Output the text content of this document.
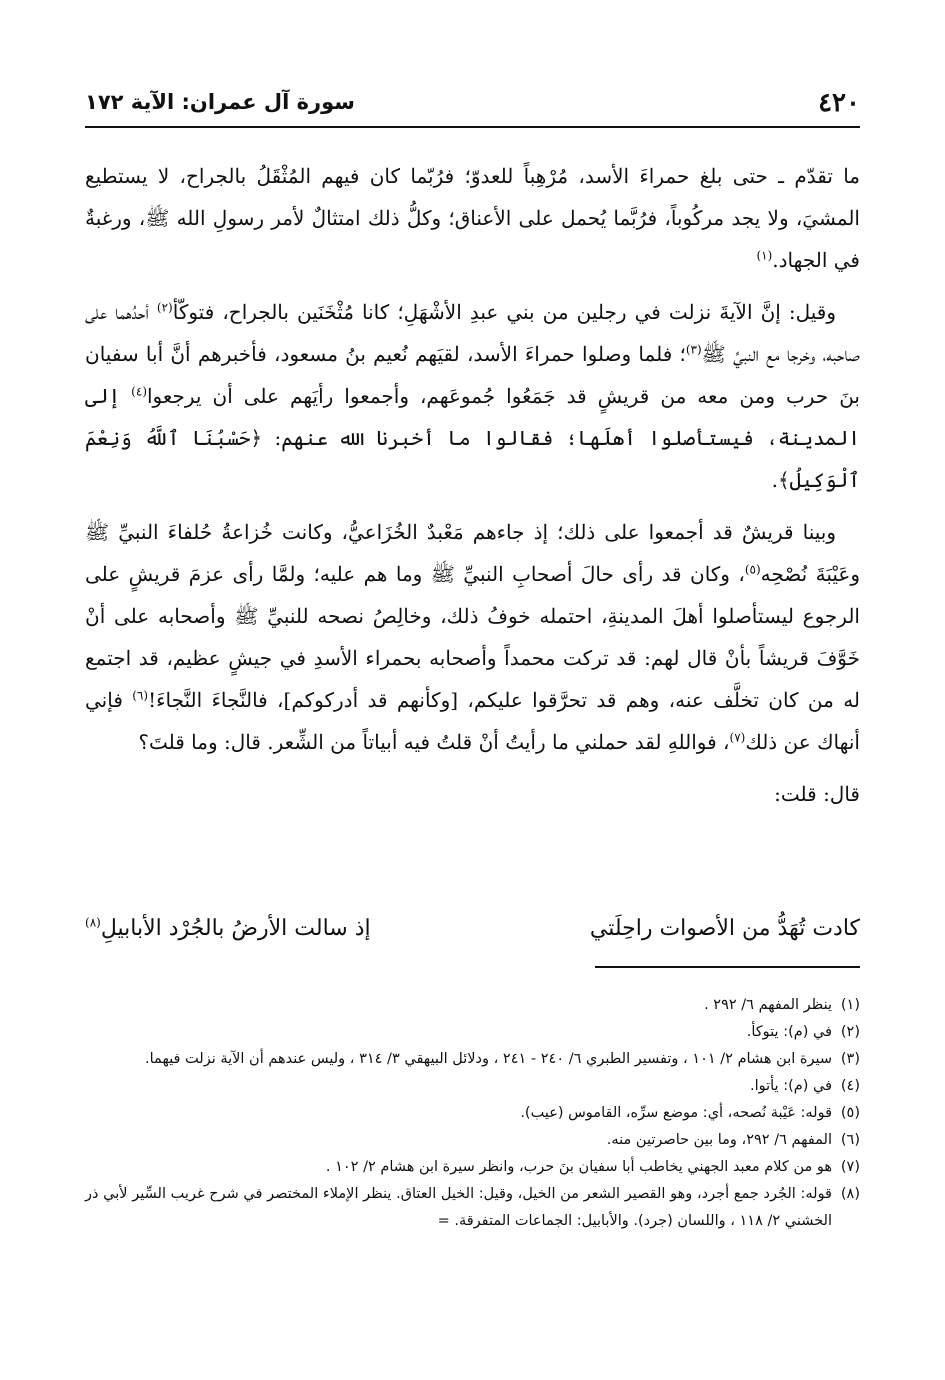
٤٢٠
سورة آل عمران: الآية ١٧٢

ما تقدّم ـ حتى بلغ حمراءَ الأسد، مُرْهِباً للعدوّ؛ فرُبّما كان فيهم المُثْقَلُ بالجراح، لا يستطيع المشيَ، ولا يجد مركُوباً، فرُبَّما يُحمل على الأعناق؛ وكلُّ ذلك امتثالٌ لأمر رسولِ الله ﷺ، ورغبةٌ في الجهاد.$^{(١)}$

وقيل: إنَّ الآيةَ نزلت في رجلين من بني عبدِ الأشْهَلِ؛ كانا مُثْخَنَين بالجراح، فتوكّأ$^{(٢)}$ أحدُهما على صاحبه، وخرجا مع النبيِّ ﷺ$^{(٣)}$؛ فلما وصلوا حمراءَ الأسد، لقيَهم نُعيم بنُ مسعود، فأخبرهم أنَّ أبا سفيان بنَ حرب ومن معه من قريشٍ قد جَمَعُوا جُموعَهم، وأجمعوا رأيَهم على أن يرجعوا$^{(٤)}$ إلى المدينة، فيستأصلوا أهلَها؛ فقالوا ما أخبرنا الله عنهم: ﴿حَسْبُنَا ٱللَّهُ وَنِعْمَ ٱلْوَكِيلُ﴾.

وبينا قريشٌ قد أجمعوا على ذلك؛ إذ جاءهم مَعْبدٌ الخُزَاعيُّ، وكانت خُزاعةُ حُلفاءَ النبيِّ ﷺ وعَيْبَةَ نُصْحِه$^{(٥)}$، وكان قد رأى حالَ أصحابِ النبيِّ ﷺ وما هم عليه؛ ولمَّا رأى عزمَ قريشٍ على الرجوع ليستأصلوا أهلَ المدينةِ، احتمله خوفُ ذلك، وخالِصُ نصحه للنبيِّ ﷺ وأصحابه على أنْ خَوَّفَ قريشاً بأنْ قال لهم: قد تركت محمداً وأصحابه بحمراء الأسدِ في جيشٍ عظيم، قد اجتمع له من كان تخلَّف عنه، وهم قد تحرَّقوا عليكم، [وكأنهم قد أدركوكم]، فالنَّجاءَ النَّجاءَ!$^{(٦)}$ فإني أنهاك عن ذلك$^{(٧)}$، فواللهِ لقد حملني ما رأيتُ أنْ قلتُ فيه أبياتاً من الشِّعر. قال: وما قلتَ؟

قال: قلت:

كادت تُهَدُّ من الأصوات راحِلَتي
إذ سالت الأرضُ بالجُرْد الأبابيلِ$^{(٨)}$

(١)ينظر المفهم ٦/ ٢٩٢ .

(٢)في (م): يتوكأ.

(٣)سيرة ابن هشام ٢/ ١٠١ ، وتفسير الطبري ٦/ ٢٤٠ - ٢٤١ ، ودلائل البيهقي ٣/ ٣١٤ ، وليس عندهم أن الآية نزلت فيهما.

(٤)في (م): يأتوا.

(٥)قوله: عَيْبة نُصحه، أي: موضع سرِّه، القاموس (عيب).

(٦)المفهم ٦/ ٢٩٢، وما بين حاصرتين منه.

(٧)هو من كلام معبد الجهني يخاطب أبا سفيان بنَ حرب، وانظر سيرة ابن هشام ٢/ ١٠٢ .

(٨)قوله: الجُرد جمع أجرد، وهو القصير الشعر من الخيل، وقيل: الخيل العتاق. ينظر الإملاء المختصر في شرح غريب السِّير لأبي ذر الخشني ٢/ ١١٨ ، واللسان (جرد). والأبابيل: الجماعات المتفرقة. =
